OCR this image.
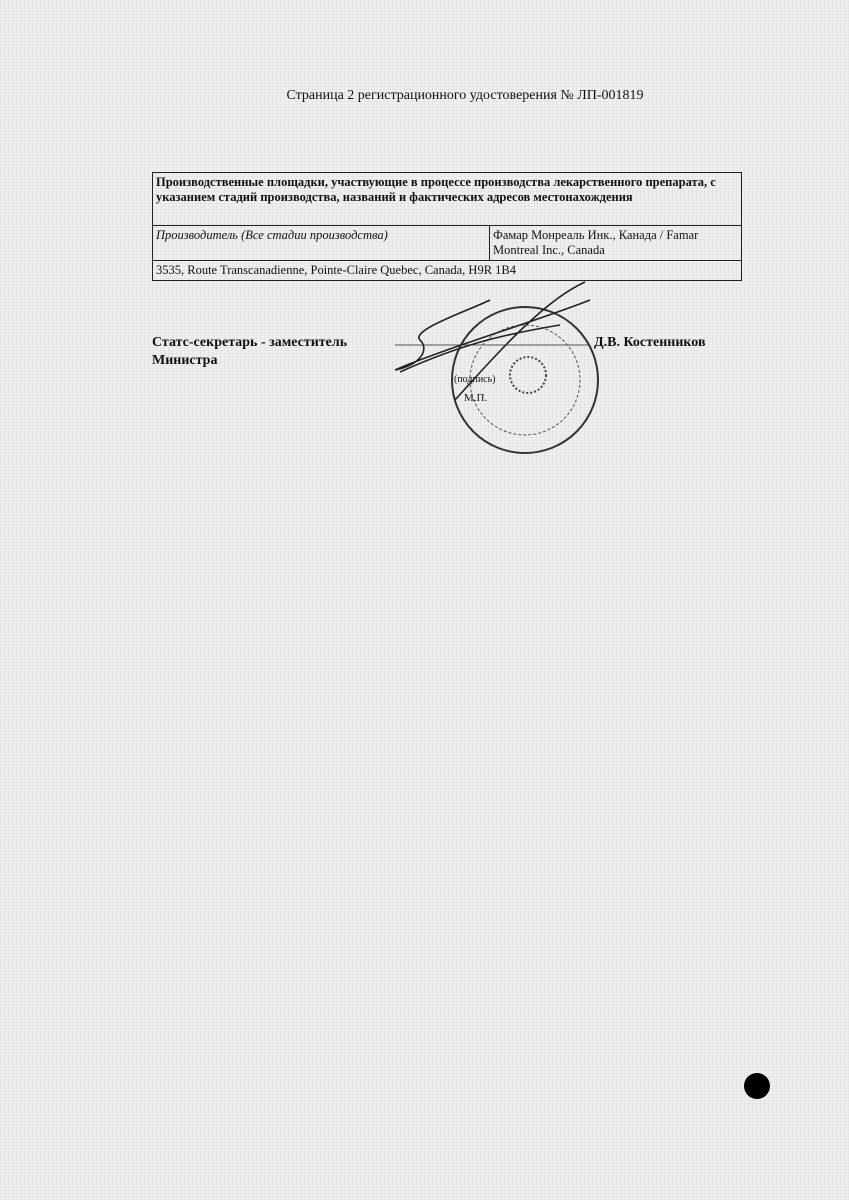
Страница 2 регистрационного удостоверения № ЛП-001819
Производственные площадки, участвующие в процессе производства лекарственного препарата, с указанием стадий производства, названий и фактических адресов местонахождения
Производитель (Все стадии производства)	Фамар Монреаль Инк., Канада / Famar Montreal Inc., Canada
3535, Route Transcanadienne, Pointe-Claire Quebec, Canada, H9R 1B4
Статс-секретарь - заместитель Министра
Д.В. Костенников
(подпись)
М.П.
